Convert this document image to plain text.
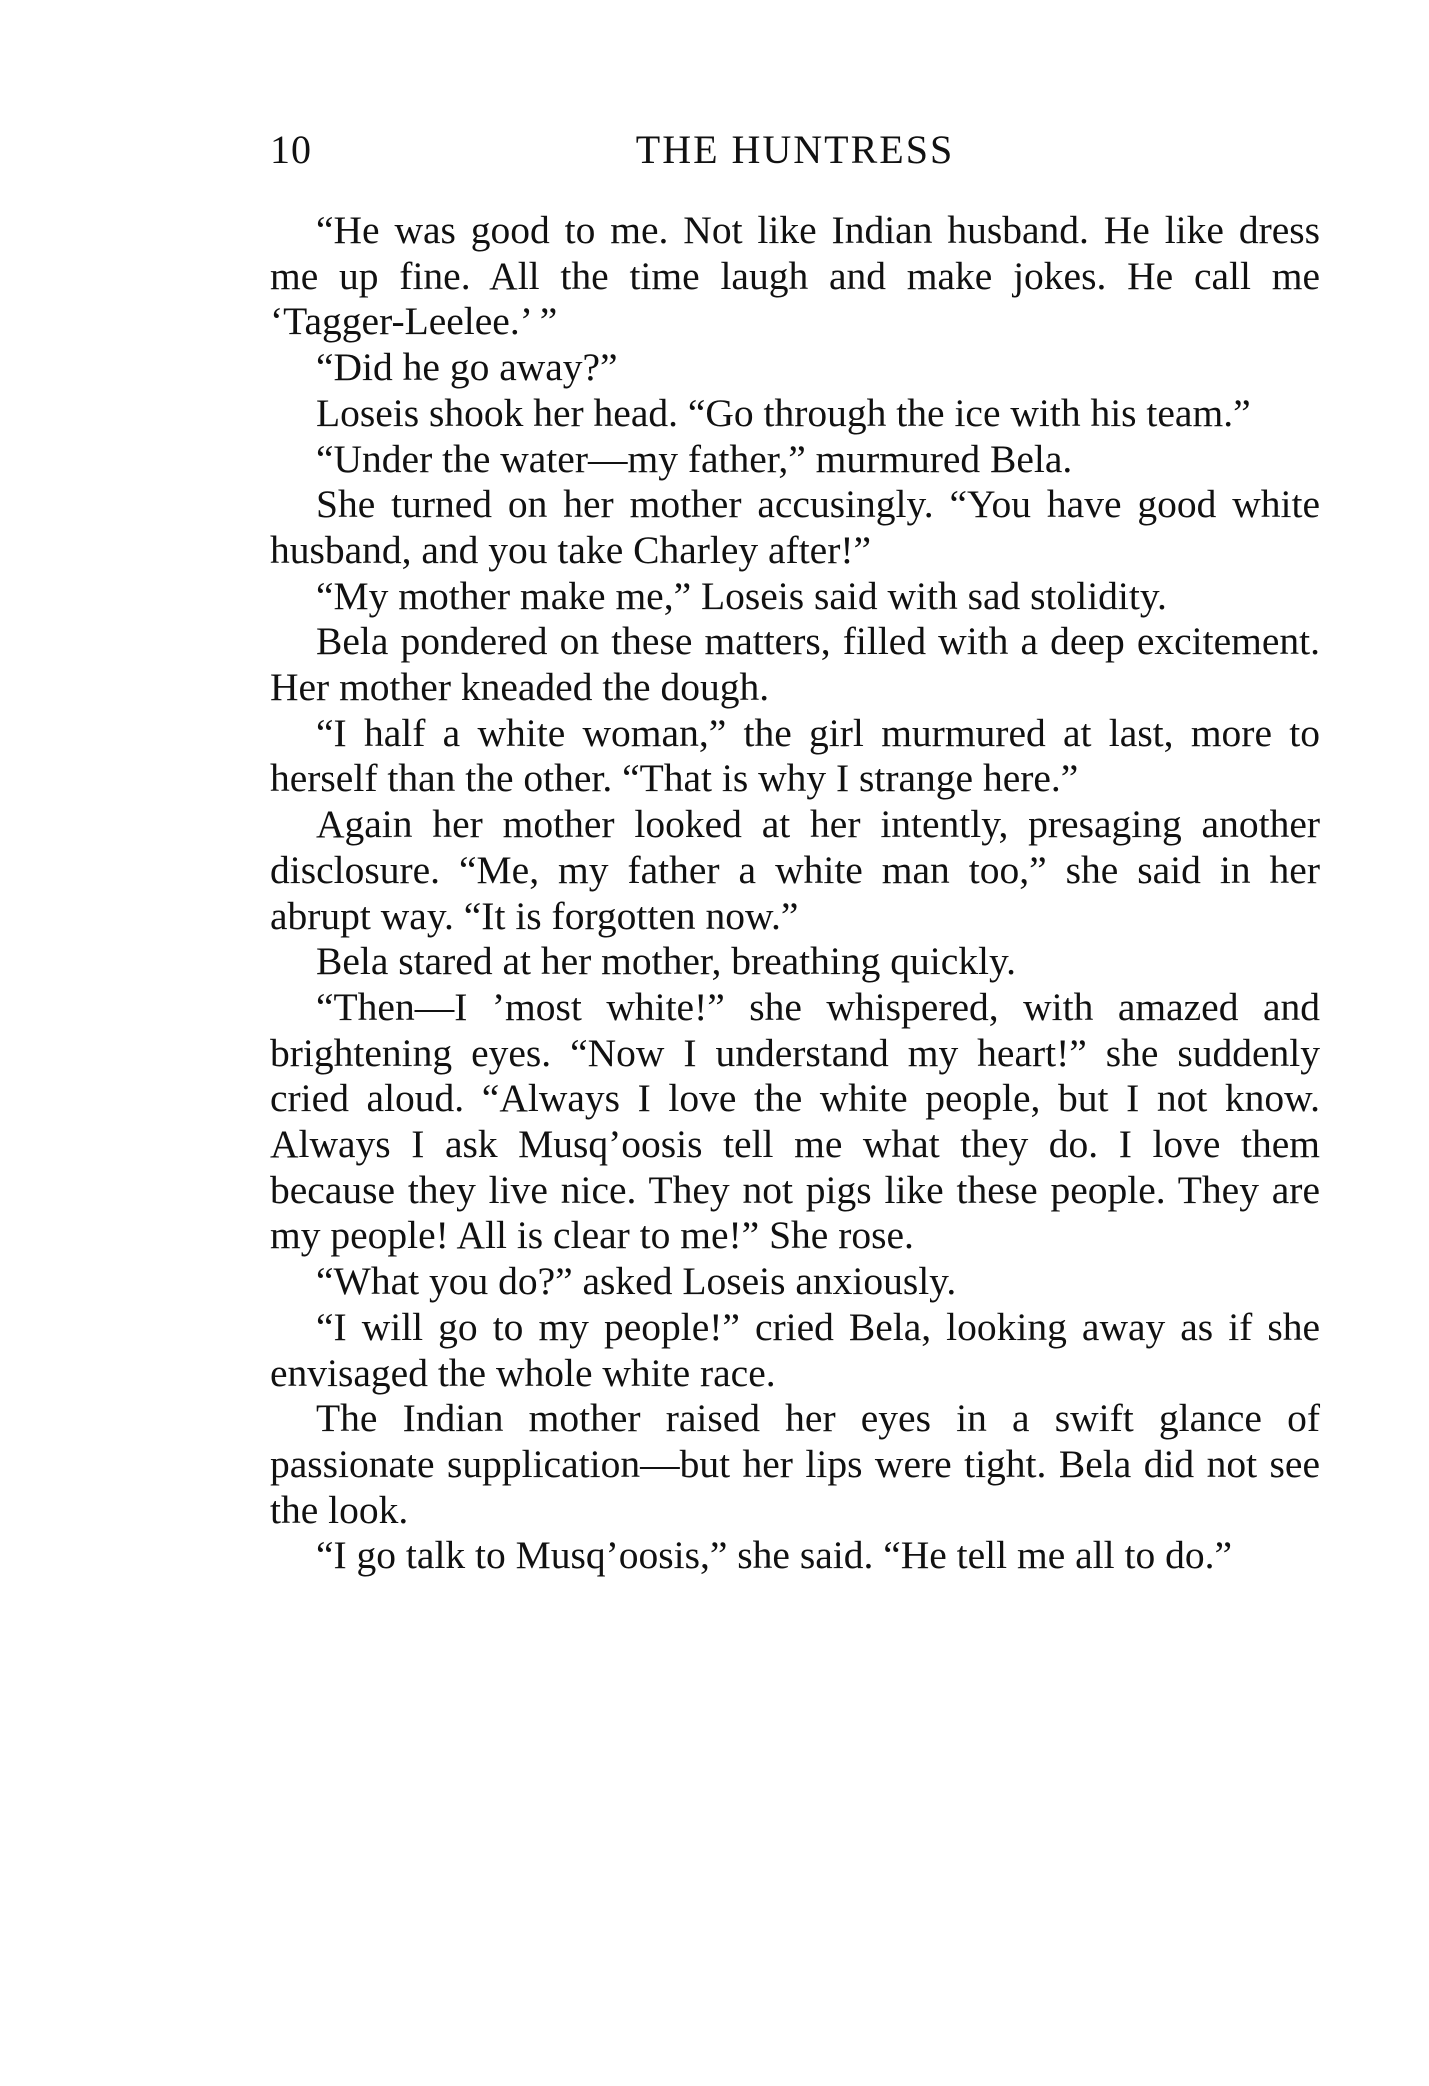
10	THE HUNTRESS

“He was good to me. Not like Indian husband. He like dress me up fine. All the time laugh and make jokes. He call me ‘Tagger-Leelee.’ ”

“Did he go away?”

Loseis shook her head. “Go through the ice with his team.”

“Under the water—my father,” murmured Bela.

She turned on her mother accusingly. “You have good white husband, and you take Charley after!”

“My mother make me,” Loseis said with sad stolidity.

Bela pondered on these matters, filled with a deep excitement. Her mother kneaded the dough.

“I half a white woman,” the girl murmured at last, more to herself than the other. “That is why I strange here.”

Again her mother looked at her intently, presaging another disclosure. “Me, my father a white man too,” she said in her abrupt way. “It is forgotten now.”

Bela stared at her mother, breathing quickly.

“Then—I ’most white!” she whispered, with amazed and brightening eyes. “Now I understand my heart!” she suddenly cried aloud. “Always I love the white people, but I not know. Always I ask Musq’oosis tell me what they do. I love them because they live nice. They not pigs like these people. They are my people! All is clear to me!” She rose.

“What you do?” asked Loseis anxiously.

“I will go to my people!” cried Bela, looking away as if she envisaged the whole white race.

The Indian mother raised her eyes in a swift glance of passionate supplication—but her lips were tight. Bela did not see the look.

“I go talk to Musq’oosis,” she said. “He tell me all to do.”
